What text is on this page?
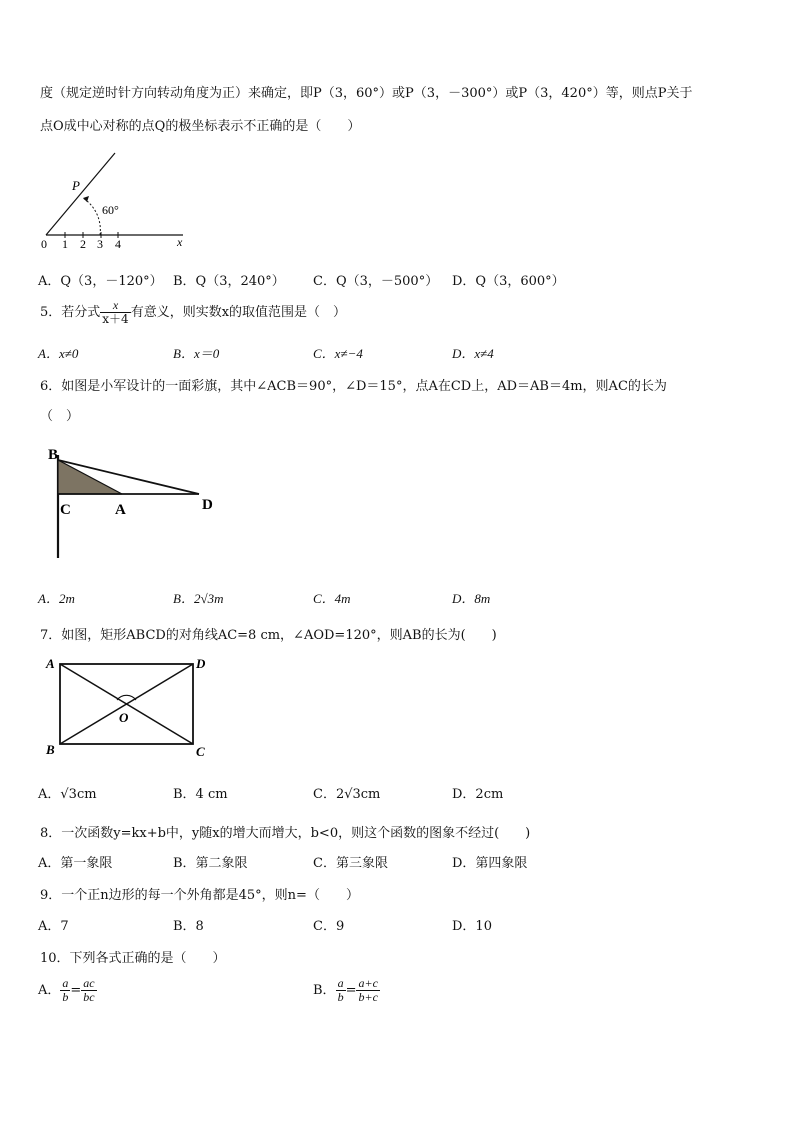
度（规定逆时针方向转动角度为正）来确定，即P（3，60°）或P（3，－300°）或P（3，420°）等，则点P关于
点O成中心对称的点Q的极坐标表示不正确的是（　　）
P
60°
0 1 2 3 4	x
A．Q（3，－120°） B．Q（3，240°） C．Q（3，－500°） D．Q（3，600°）
5．若分式 $\frac{x}{x+4}$ 有意义，则实数x的取值范围是（　）
A．x≠0	B．x＝0	C．x≠−4	D．x≠4
6．如图是小军设计的一面彩旗，其中∠ACB＝90°，∠D＝15°，点A在CD上，AD＝AB＝4m，则AC的长为
（　）
B
C	A	D
A．2m	B．2√3m	C．4m	D．8m
7．如图，矩形ABCD的对角线AC=8 cm，∠AOD=120°，则AB的长为(　　)
A	D
B	C
O
A．√3cm	B．4 cm	C．2√3cm	D．2cm
8．一次函数y=kx+b中，y随x的增大而增大，b<0，则这个函数的图象不经过(　　)
A．第一象限	B．第二象限	C．第三象限	D．第四象限
9．一个正n边形的每一个外角都是45°，则n=（　　）
A．7	B．8	C．9	D．10
10．下列各式正确的是（　　）
A． $\frac{a}{b} = \frac{ac}{bc}$	B． $\frac{a}{b} = \frac{a+c}{b+c}$
